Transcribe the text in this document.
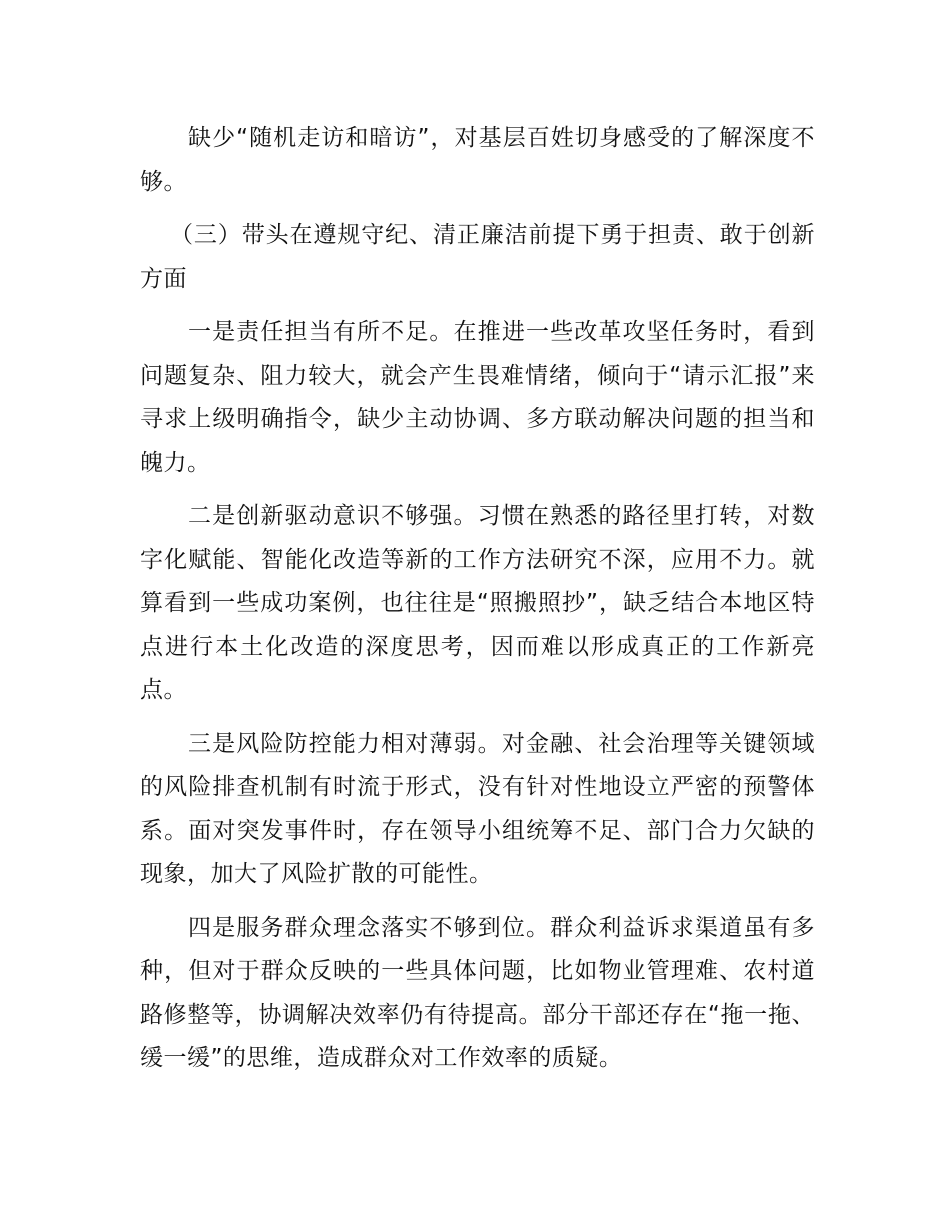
缺少“随机走访和暗访”，对基层百姓切身感受的了解深度不够。

（三）带头在遵规守纪、清正廉洁前提下勇于担责、敢于创新方面

一是责任担当有所不足。在推进一些改革攻坚任务时，看到问题复杂、阻力较大，就会产生畏难情绪，倾向于“请示汇报”来寻求上级明确指令，缺少主动协调、多方联动解决问题的担当和魄力。

二是创新驱动意识不够强。习惯在熟悉的路径里打转，对数字化赋能、智能化改造等新的工作方法研究不深，应用不力。就算看到一些成功案例，也往往是“照搬照抄”，缺乏结合本地区特点进行本土化改造的深度思考，因而难以形成真正的工作新亮点。

三是风险防控能力相对薄弱。对金融、社会治理等关键领域的风险排查机制有时流于形式，没有针对性地设立严密的预警体系。面对突发事件时，存在领导小组统筹不足、部门合力欠缺的现象，加大了风险扩散的可能性。

四是服务群众理念落实不够到位。群众利益诉求渠道虽有多种，但对于群众反映的一些具体问题，比如物业管理难、农村道路修整等，协调解决效率仍有待提高。部分干部还存在“拖一拖、缓一缓”的思维，造成群众对工作效率的质疑。
